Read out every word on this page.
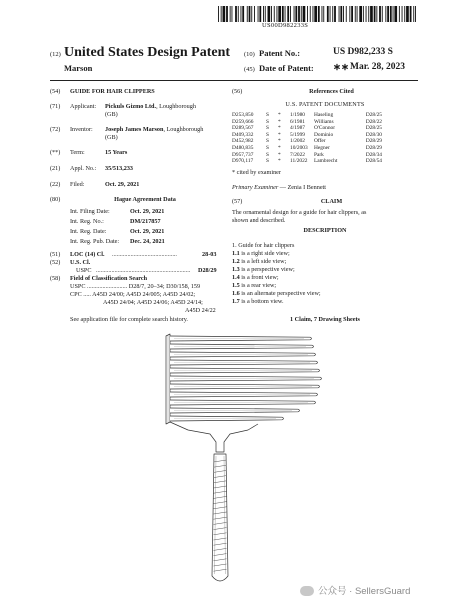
US00D982233S
(12) United States Design Patent (10) Patent No.:	US D982,233 S
Marson	(45) Date of Patent: ∗∗ Mar. 28, 2023
(54) GUIDE FOR HAIR CLIPPERS
(71) Applicant: Pickuls Gizmo Ltd., Loughborough
(GB)
(72) Inventor: Joseph James Marson, Loughborough
(GB)
(**) Term:	15 Years
(21) Appl. No.: 35/513,233
(22) Filed:	Oct. 29, 2021
(80)	Hague Agreement Data
Int. Filing Date:	Oct. 29, 2021
Int. Reg. No.:	DM/217857
Int. Reg. Date:	Oct. 29, 2021
Int. Reg. Pub. Date: Dec. 24, 2021
(51) LOC (14) Cl. ..........................................	28-03
(52) U.S. Cl.
USPC .............................................................	D28/29
(58) Field of Classification Search
USPC .......................... D28/7, 20–34; D30/158, 159
CPC ..... A45D 24/00; A45D 24/005; A45D 24/02;
A45D 24/04; A45D 24/06; A45D 24/14;
A45D 24/22
See application file for complete search history.
(56)	References Cited
U.S. PATENT DOCUMENTS
D253,850	S	*	1/1980	Haseling	D28/25
D259,666	S	*	6/1981	Williams	D28/22
D289,567	S	*	4/1987	O'Connor	D28/25
D409,332	S	*	5/1999	Dominio	D28/30
D452,982	S	*	1/2002	Offer	D28/29
D480,835	S	*	10/2003	Hegner	D28/29
D957,737	S	*	7/2022	Park	D28/34
D970,117	S	*	11/2022	Lambrecht	D28/54
* cited by examiner
Primary Examiner — Zenia I Bennett
(57)	CLAIM
The ornamental design for a guide for hair clippers, as
shown and described.
DESCRIPTION
1. Guide for hair clippers
1.1 is a right side view;
1.2 is a left side view;
1.3 is a perspective view;
1.4 is a front view;
1.5 is a rear view;
1.6 is an alternate perspective view;
1.7 is a bottom view.
1 Claim, 7 Drawing Sheets
公众号 · SellersGuard
